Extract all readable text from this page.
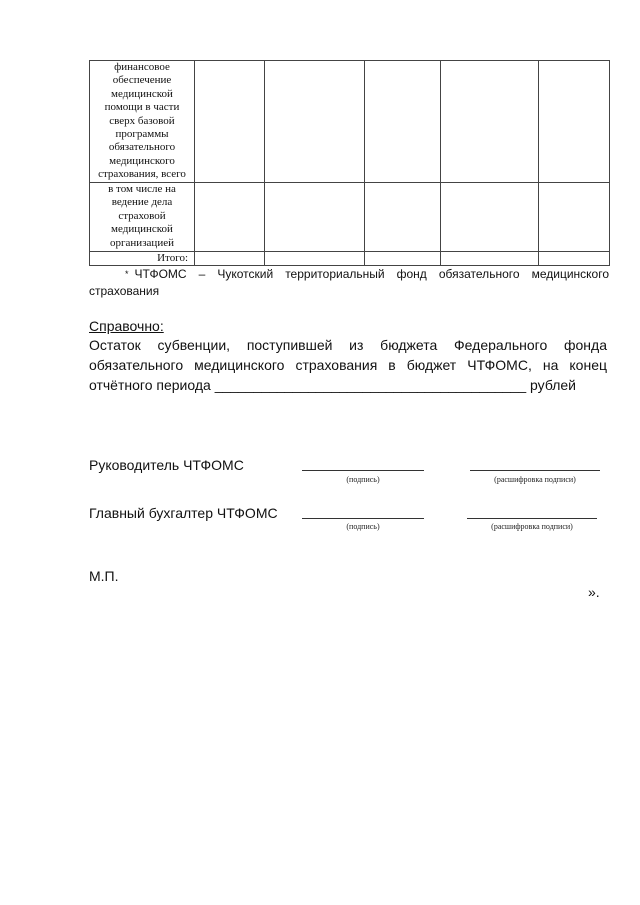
финансовое обеспечение медицинской помощи в части сверх базовой программы обязательного медицинского страхования, всего					
в том числе на ведение дела страховой медицинской организацией					
Итого:					
* ЧТФОМС – Чукотский территориальный фонд обязательного медицинского страхования
Справочно:
Остаток субвенции, поступившей из бюджета Федерального фонда
обязательного медицинского страхования в бюджет ЧТФОМС, на конец
отчётного периода ________________________________________ рублей
Руководитель ЧТФОМС
(подпись)	(расшифровка подписи)
Главный бухгалтер ЧТФОМС
(подпись)	(расшифровка подписи)
М.П.
».
